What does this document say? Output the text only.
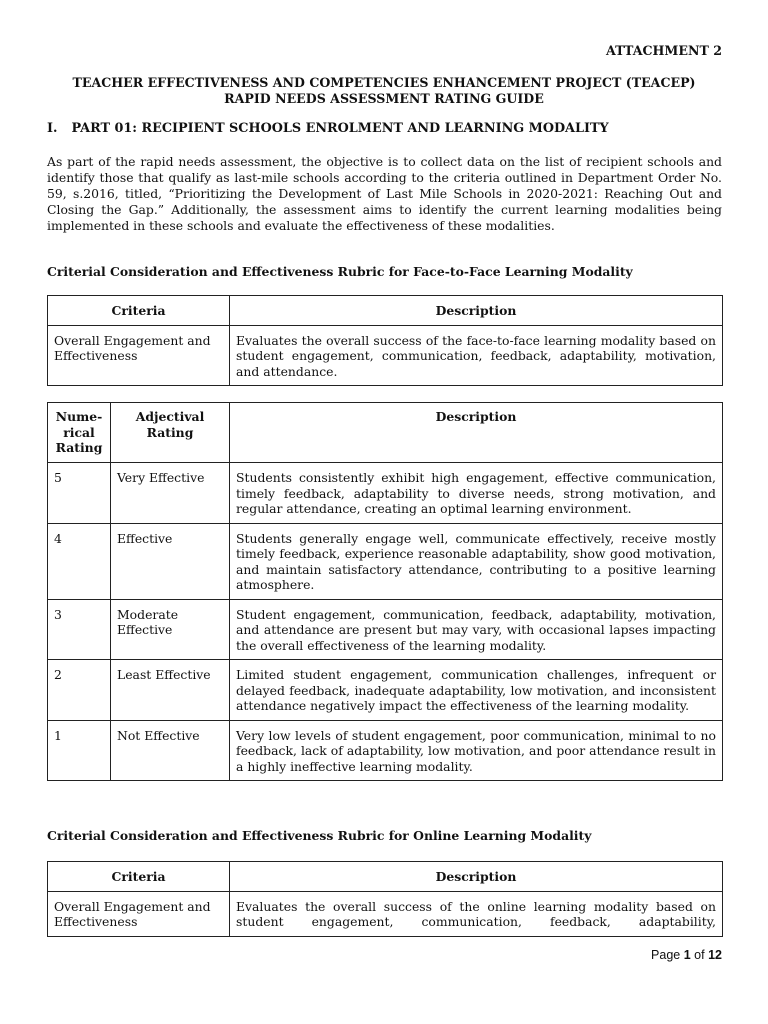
ATTACHMENT 2
TEACHER EFFECTIVENESS AND COMPETENCIES ENHANCEMENT PROJECT (TEACEP)
RAPID NEEDS ASSESSMENT RATING GUIDE
I. PART 01: RECIPIENT SCHOOLS ENROLMENT AND LEARNING MODALITY
As part of the rapid needs assessment, the objective is to collect data on the list of recipient schools and identify those that qualify as last-mile schools according to the criteria outlined in Department Order No. 59, s.2016, titled, “Prioritizing the Development of Last Mile Schools in 2020-2021: Reaching Out and Closing the Gap.” Additionally, the assessment aims to identify the current learning modalities being implemented in these schools and evaluate the effectiveness of these modalities.
Criterial Consideration and Effectiveness Rubric for Face-to-Face Learning Modality
Criteria	Description
Overall Engagement and Effectiveness	Evaluates the overall success of the face-to-face learning modality based on student engagement, communication, feedback, adaptability, motivation, and attendance.
Nume-rical Rating	Adjectival Rating	Description
5	Very Effective	Students consistently exhibit high engagement, effective communication, timely feedback, adaptability to diverse needs, strong motivation, and regular attendance, creating an optimal learning environment.
4	Effective	Students generally engage well, communicate effectively, receive mostly timely feedback, experience reasonable adaptability, show good motivation, and maintain satisfactory attendance, contributing to a positive learning atmosphere.
3	Moderate Effective	Student engagement, communication, feedback, adaptability, motivation, and attendance are present but may vary, with occasional lapses impacting the overall effectiveness of the learning modality.
2	Least Effective	Limited student engagement, communication challenges, infrequent or delayed feedback, inadequate adaptability, low motivation, and inconsistent attendance negatively impact the effectiveness of the learning modality.
1	Not Effective	Very low levels of student engagement, poor communication, minimal to no feedback, lack of adaptability, low motivation, and poor attendance result in a highly ineffective learning modality.
Criterial Consideration and Effectiveness Rubric for Online Learning Modality
Criteria	Description
Overall Engagement and Effectiveness	Evaluates the overall success of the online learning modality based on student engagement, communication, feedback, adaptability,
Page 1 of 12
